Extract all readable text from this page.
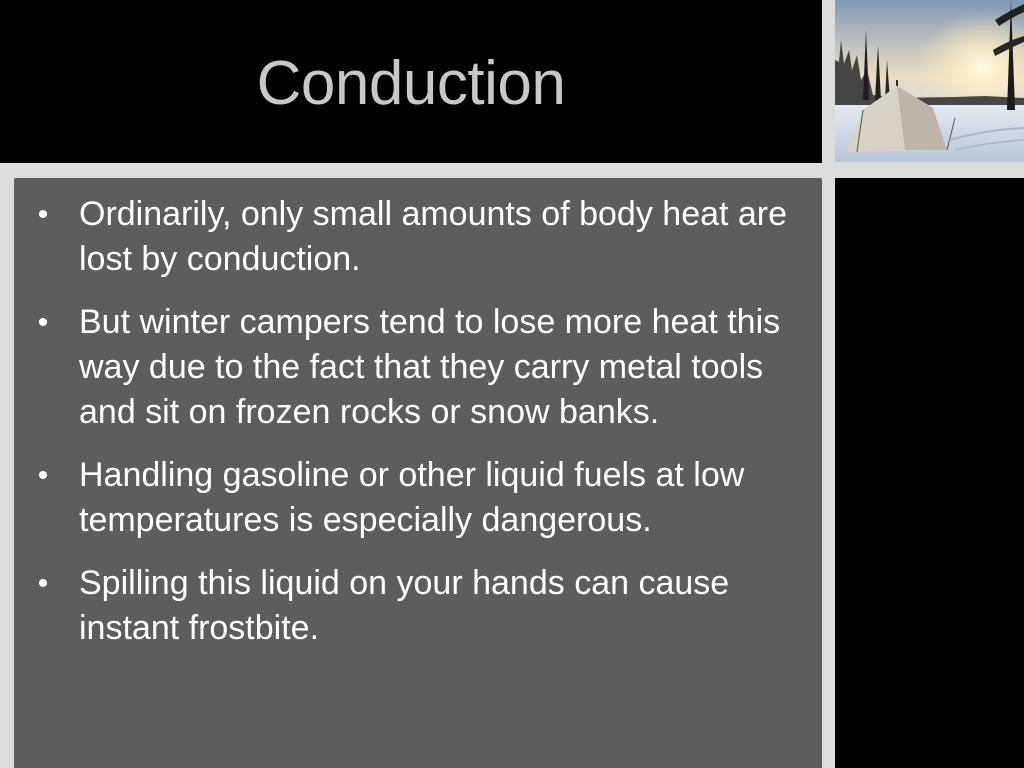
Conduction
• Ordinarily, only small amounts of body heat are lost by conduction.
• But winter campers tend to lose more heat this way due to the fact that they carry metal tools and sit on frozen rocks or snow banks.
• Handling gasoline or other liquid fuels at low temperatures is especially dangerous.
• Spilling this liquid on your hands can cause instant frostbite.
